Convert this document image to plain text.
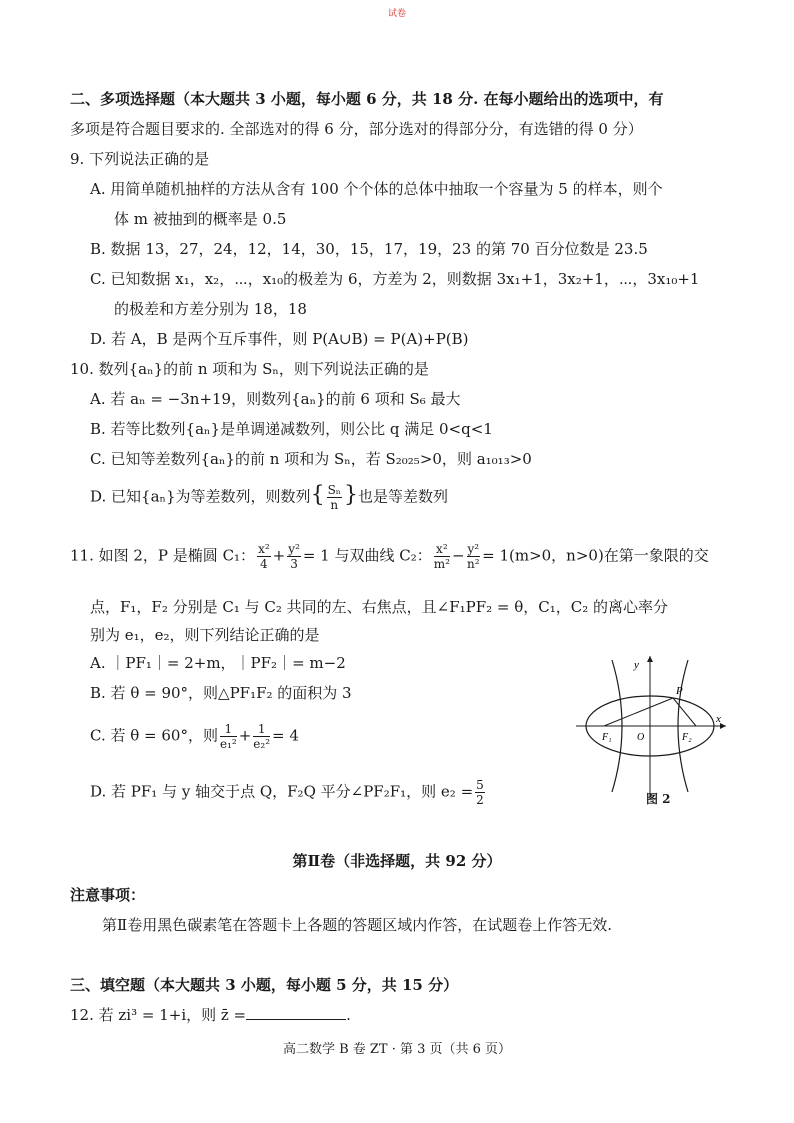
试卷
二、多项选择题（本大题共 3 小题，每小题 6 分，共 18 分. 在每小题给出的选项中，有
多项是符合题目要求的. 全部选对的得 6 分，部分选对的得部分分，有选错的得 0 分）
9. 下列说法正确的是
A. 用简单随机抽样的方法从含有 100 个个体的总体中抽取一个容量为 5 的样本，则个
体 m 被抽到的概率是 0.5
B. 数据 13，27，24，12，14，30，15，17，19，23 的第 70 百分位数是 23.5
C. 已知数据 x₁，x₂，⋯，x₁₀的极差为 6，方差为 2，则数据 3x₁+1，3x₂+1，⋯，3x₁₀+1
的极差和方差分别为 18，18
D. 若 A，B 是两个互斥事件，则 P(A∪B) = P(A)+P(B)
10. 数列{aₙ}的前 n 项和为 Sₙ，则下列说法正确的是
A. 若 aₙ = −3n+19，则数列{aₙ}的前 6 项和 S₆ 最大
B. 若等比数列{aₙ}是单调递减数列，则公比 q 满足 0<q<1
C. 已知等差数列{aₙ}的前 n 项和为 Sₙ，若 S₂₀₂₅>0，则 a₁₀₁₃>0
D. 已知{aₙ}为等差数列，则数列{ $\frac{\text{Sₙ}}{n}$ }也是等差数列
11. 如图 2，P 是椭圆 C₁： $\frac{\text{x²}}{4} + \frac{\text{y²}}{3} = 1$ 与双曲线 C₂： $\frac{\text{x²}}{\text{m²}} - \frac{\text{y²}}{\text{n²}} = 1(m>0$，n>0)在第一象限的交
点，F₁，F₂ 分别是 C₁ 与 C₂ 共同的左、右焦点，且∠F₁PF₂ = θ，C₁，C₂ 的离心率分
别为 e₁，e₂，则下列结论正确的是
A. ｜PF₁｜= 2+m，｜PF₂｜= m−2
B. 若 θ = 90°，则△PF₁F₂ 的面积为 3
C. 若 θ = 60°，则 $\frac{1}{\text{e₁²}} + \frac{1}{\text{e₂²}} = 4$
D. 若 PF₁ 与 y 轴交于点 Q，F₂Q 平分∠PF₂F₁，则 $e_2 = \frac{5}{2}$
y
x
P
F₁	O	F₂
图 2
第Ⅱ卷（非选择题，共 92 分）
注意事项：
第Ⅱ卷用黑色碳素笔在答题卡上各题的答题区域内作答，在试题卷上作答无效.
三、填空题（本大题共 3 小题，每小题 5 分，共 15 分）
12. 若 zi³ = 1+i，则 z̄ =	.
高二数学 B 卷 ZT · 第 3 页（共 6 页）
